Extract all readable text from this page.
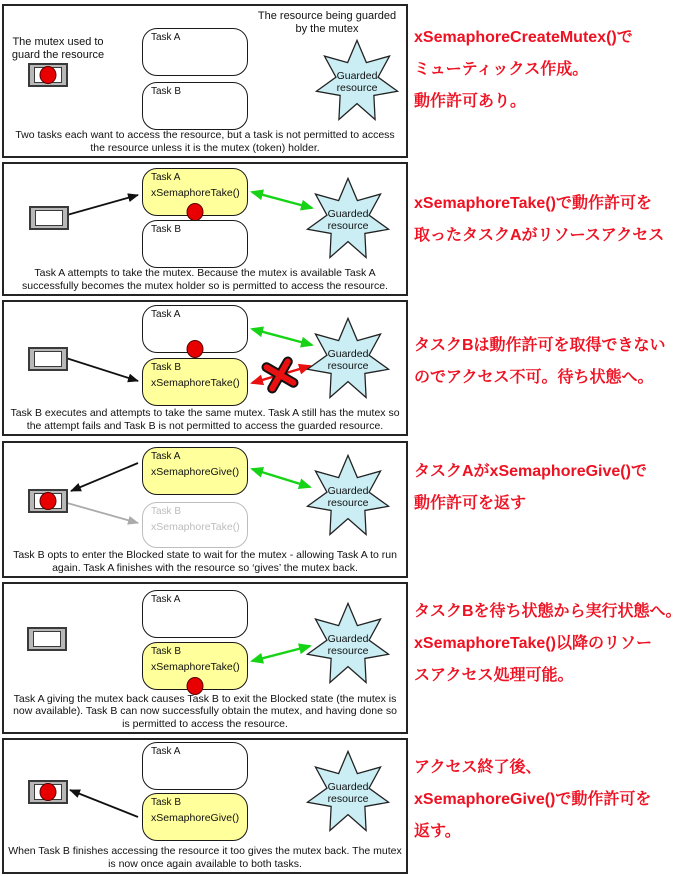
The mutex used to guard the resource
Task A
Task B
The resource being guarded by the mutex
Guarded resource
Two tasks each want to access the resource, but a task is not permitted to access the resource unless it is the mutex (token) holder.
Task A
xSemaphoreTake()
Task B
Guarded resource
Task A attempts to take the mutex. Because the mutex is available Task A successfully becomes the mutex holder so is permitted to access the resource.
Task A
Task B
xSemaphoreTake()
Guarded resource
Task B executes and attempts to take the same mutex. Task A still has the mutex so the attempt fails and Task B is not permitted to access the guarded resource.
Task A
xSemaphoreGive()
Task B
xSemaphoreTake()
Guarded resource
Task B opts to enter the Blocked state to wait for the mutex - allowing Task A to run again. Task A finishes with the resource so ‘gives’ the mutex back.
Task A
Task B
xSemaphoreTake()
Guarded resource
Task A giving the mutex back causes Task B to exit the Blocked state (the mutex is now available). Task B can now successfully obtain the mutex, and having done so is permitted to access the resource.
Task A
Task B
xSemaphoreGive()
Guarded resource
When Task B finishes accessing the resource it too gives the mutex back. The mutex is now once again available to both tasks.
xSemaphoreCreateMutex()で
ミューティックス作成。
動作許可あり。
xSemaphoreTake()で動作許可を
取ったタスクAがリソースアクセス
タスクBは動作許可を取得できない
のでアクセス不可。待ち状態へ。
タスクAがxSemaphoreGive()で
動作許可を返す
タスクBを待ち状態から実行状態へ。
xSemaphoreTake()以降のリソー
スアクセス処理可能。
アクセス終了後、
xSemaphoreGive()で動作許可を
返す。
